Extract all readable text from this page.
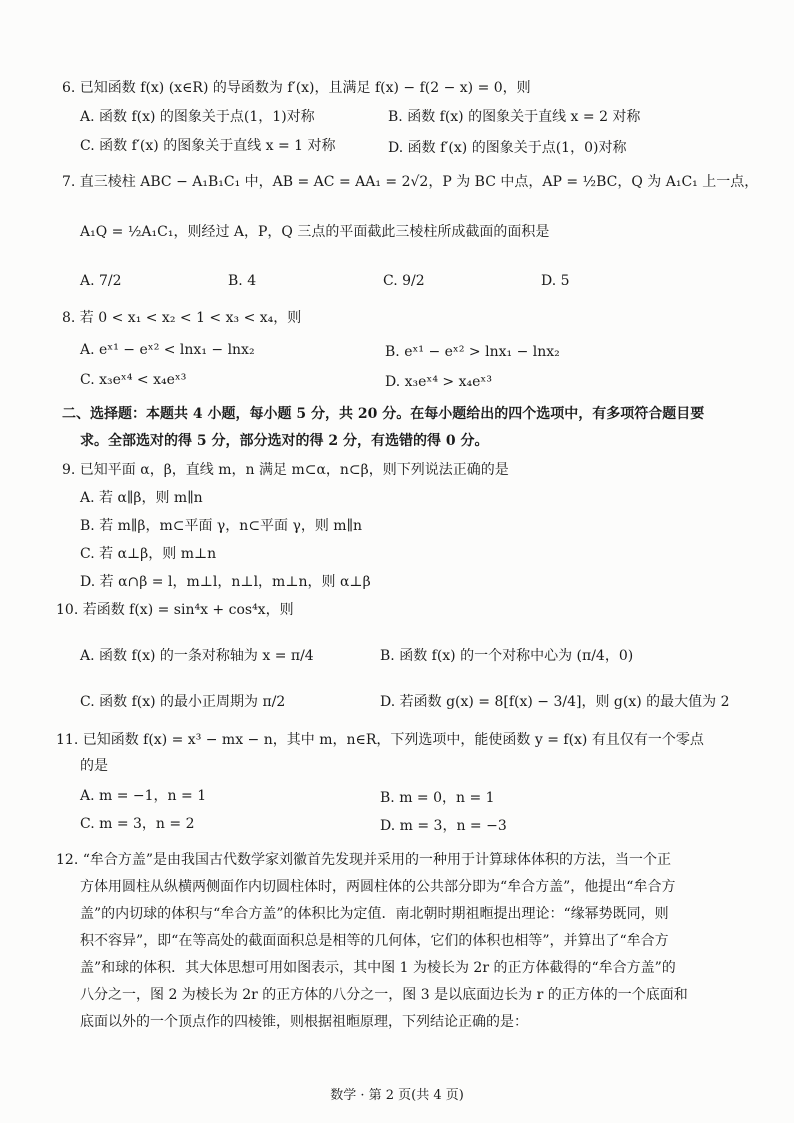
6. 已知函数 f(x) (x∈R) 的导函数为 f′(x)，且满足 f(x) − f(2 − x) = 0，则
A. 函数 f(x) 的图象关于点(1，1)对称	B. 函数 f(x) 的图象关于直线 x = 2 对称
C. 函数 f′(x) 的图象关于直线 x = 1 对称	D. 函数 f′(x) 的图象关于点(1，0)对称
7. 直三棱柱 ABC − A₁B₁C₁ 中，AB = AC = AA₁ = 2√2，P 为 BC 中点，AP = ½BC，Q 为 A₁C₁ 上一点，
A₁Q = ½A₁C₁，则经过 A，P，Q 三点的平面截此三棱柱所成截面的面积是
A. 7/2	B. 4	C. 9/2	D. 5
8. 若 0 < x₁ < x₂ < 1 < x₃ < x₄，则
A. eˣ¹ − eˣ² < lnx₁ − lnx₂	B. eˣ¹ − eˣ² > lnx₁ − lnx₂
C. x₃eˣ⁴ < x₄eˣ³	D. x₃eˣ⁴ > x₄eˣ³
二、选择题：本题共 4 小题，每小题 5 分，共 20 分。在每小题给出的四个选项中，有多项符合题目要
求。全部选对的得 5 分，部分选对的得 2 分，有选错的得 0 分。
9. 已知平面 α，β，直线 m，n 满足 m⊂α，n⊂β，则下列说法正确的是
A. 若 α∥β，则 m∥n
B. 若 m∥β，m⊂平面 γ，n⊂平面 γ，则 m∥n
C. 若 α⊥β，则 m⊥n
D. 若 α∩β = l，m⊥l，n⊥l，m⊥n，则 α⊥β
10. 若函数 f(x) = sin⁴x + cos⁴x，则
A. 函数 f(x) 的一条对称轴为 x = π/4	B. 函数 f(x) 的一个对称中心为 (π/4，0)
C. 函数 f(x) 的最小正周期为 π/2	D. 若函数 g(x) = 8[f(x) − 3/4]，则 g(x) 的最大值为 2
11. 已知函数 f(x) = x³ − mx − n，其中 m，n∈R，下列选项中，能使函数 y = f(x) 有且仅有一个零点
的是
A. m = −1，n = 1	B. m = 0，n = 1
C. m = 3，n = 2	D. m = 3，n = −3
12. “牟合方盖”是由我国古代数学家刘徽首先发现并采用的一种用于计算球体体积的方法，当一个正
方体用圆柱从纵横两侧面作内切圆柱体时，两圆柱体的公共部分即为“牟合方盖”，他提出“牟合方
盖”的内切球的体积与“牟合方盖”的体积比为定值．南北朝时期祖暅提出理论：“缘幂势既同，则
积不容异”，即“在等高处的截面面积总是相等的几何体，它们的体积也相等”，并算出了“牟合方
盖”和球的体积．其大体思想可用如图表示，其中图 1 为棱长为 2r 的正方体截得的“牟合方盖”的
八分之一，图 2 为棱长为 2r 的正方体的八分之一，图 3 是以底面边长为 r 的正方体的一个底面和
底面以外的一个顶点作的四棱锥，则根据祖暅原理，下列结论正确的是：
数学 · 第 2 页(共 4 页)
